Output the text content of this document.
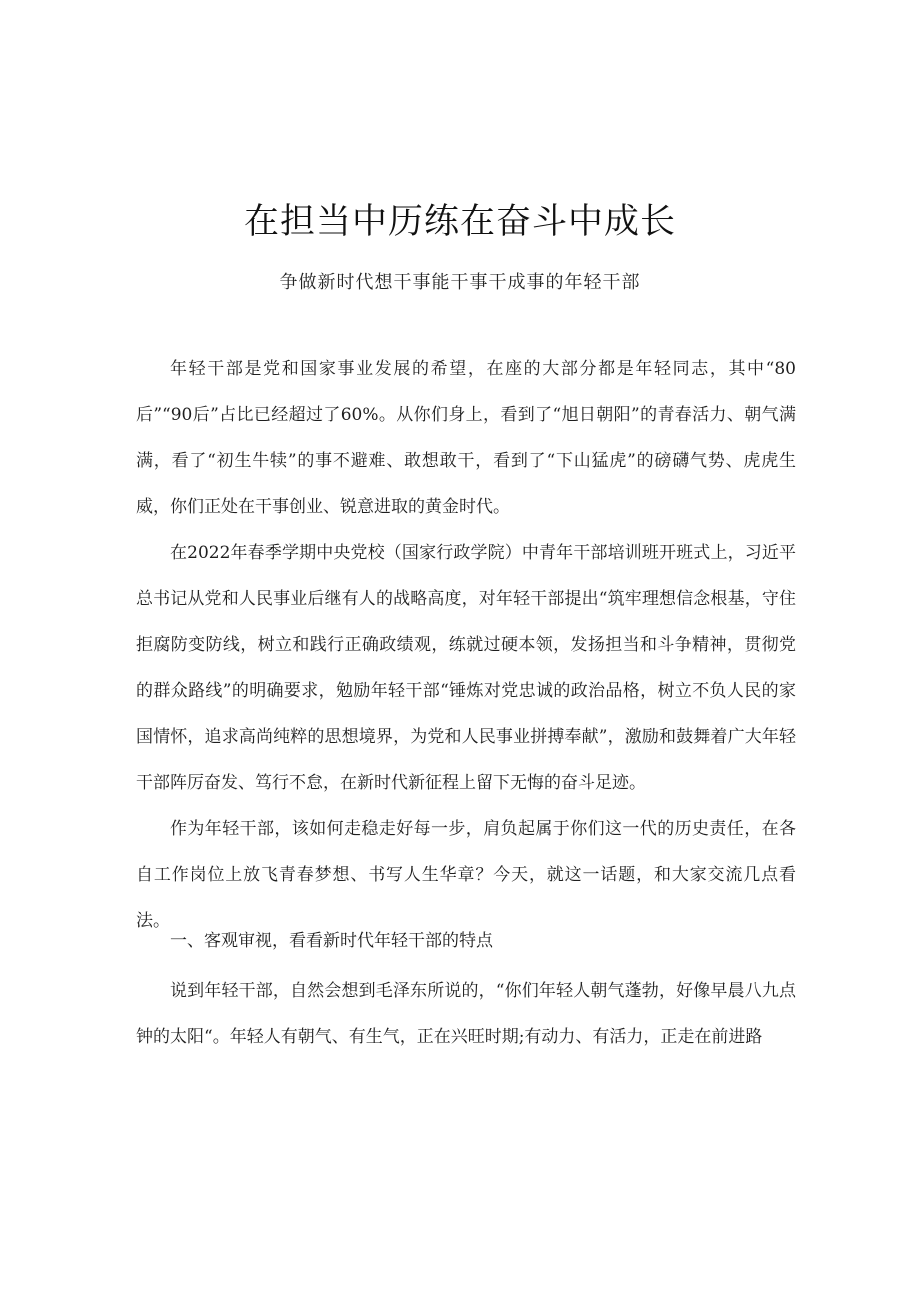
在担当中历练在奋斗中成长
争做新时代想干事能干事干成事的年轻干部

年轻干部是党和国家事业发展的希望，在座的大部分都是年轻同志，其中“80后”“90后”占比已经超过了60%。从你们身上，看到了“旭日朝阳”的青春活力、朝气满满，看了“初生牛犊”的事不避难、敢想敢干，看到了“下山猛虎”的磅礴气势、虎虎生威，你们正处在干事创业、锐意进取的黄金时代。

在2022年春季学期中央党校（国家行政学院）中青年干部培训班开班式上，习近平总书记从党和人民事业后继有人的战略高度，对年轻干部提出“筑牢理想信念根基，守住拒腐防变防线，树立和践行正确政绩观，练就过硬本领，发扬担当和斗争精神，贯彻党的群众路线”的明确要求，勉励年轻干部“锤炼对党忠诚的政治品格，树立不负人民的家国情怀，追求高尚纯粹的思想境界，为党和人民事业拼搏奉献”，激励和鼓舞着广大年轻干部阵厉奋发、笃行不怠，在新时代新征程上留下无悔的奋斗足迹。

作为年轻干部，该如何走稳走好每一步，肩负起属于你们这一代的历史责任，在各自工作岗位上放飞青春梦想、书写人生华章？今天，就这一话题，和大家交流几点看法。

一、客观审视，看看新时代年轻干部的特点

说到年轻干部，自然会想到毛泽东所说的，“你们年轻人朝气蓬勃，好像早晨八九点钟的太阳“。年轻人有朝气、有生气，正在兴旺时期;有动力、有活力，正走在前进路
